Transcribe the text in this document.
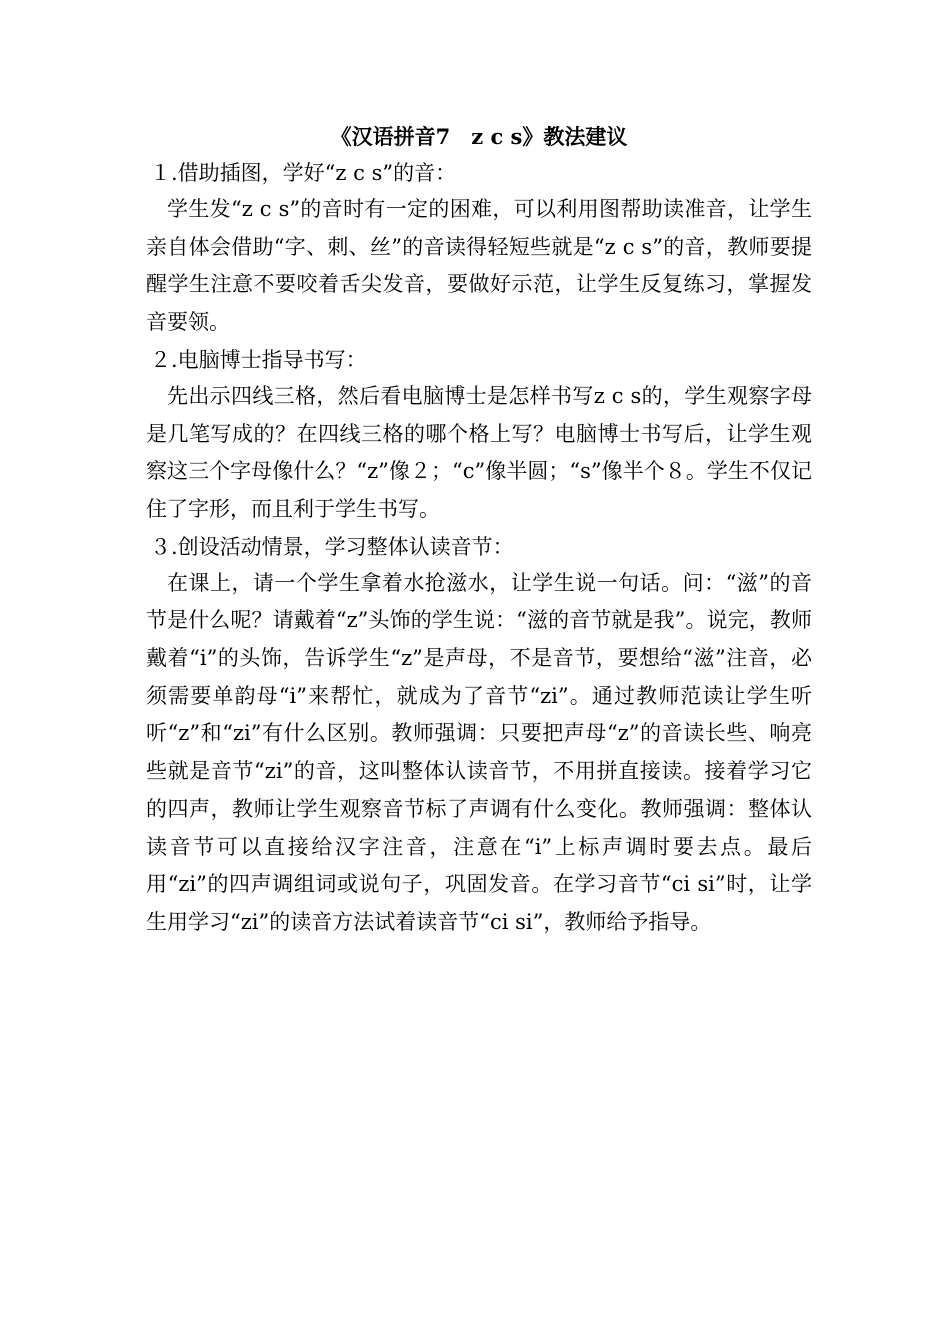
《汉语拼音7　z c s》教法建议

１.借助插图，学好“z c s”的音：

学生发“z c s”的音时有一定的困难，可以利用图帮助读准音，让学生亲自体会借助“字、刺、丝”的音读得轻短些就是“z c s”的音，教师要提醒学生注意不要咬着舌尖发音，要做好示范，让学生反复练习，掌握发音要领。

２.电脑博士指导书写：

先出示四线三格，然后看电脑博士是怎样书写z c s的，学生观察字母是几笔写成的？在四线三格的哪个格上写？电脑博士书写后，让学生观察这三个字母像什么？“z”像２；“c”像半圆；“s”像半个８。学生不仅记住了字形，而且利于学生书写。

３.创设活动情景，学习整体认读音节：

在课上，请一个学生拿着水抢滋水，让学生说一句话。问：“滋”的音节是什么呢？请戴着“z”头饰的学生说：“滋的音节就是我”。说完，教师戴着“i”的头饰，告诉学生“z”是声母，不是音节，要想给“滋”注音，必须需要单韵母“i”来帮忙，就成为了音节“zi”。通过教师范读让学生听听“z”和“zi”有什么区别。教师强调：只要把声母“z”的音读长些、响亮些就是音节“zi”的音，这叫整体认读音节，不用拼直接读。接着学习它的四声，教师让学生观察音节标了声调有什么变化。教师强调：整体认读音节可以直接给汉字注音，注意在“i”上标声调时要去点。最后用“zi”的四声调组词或说句子，巩固发音。在学习音节“ci si”时，让学生用学习“zi”的读音方法试着读音节“ci si”，教师给予指导。
